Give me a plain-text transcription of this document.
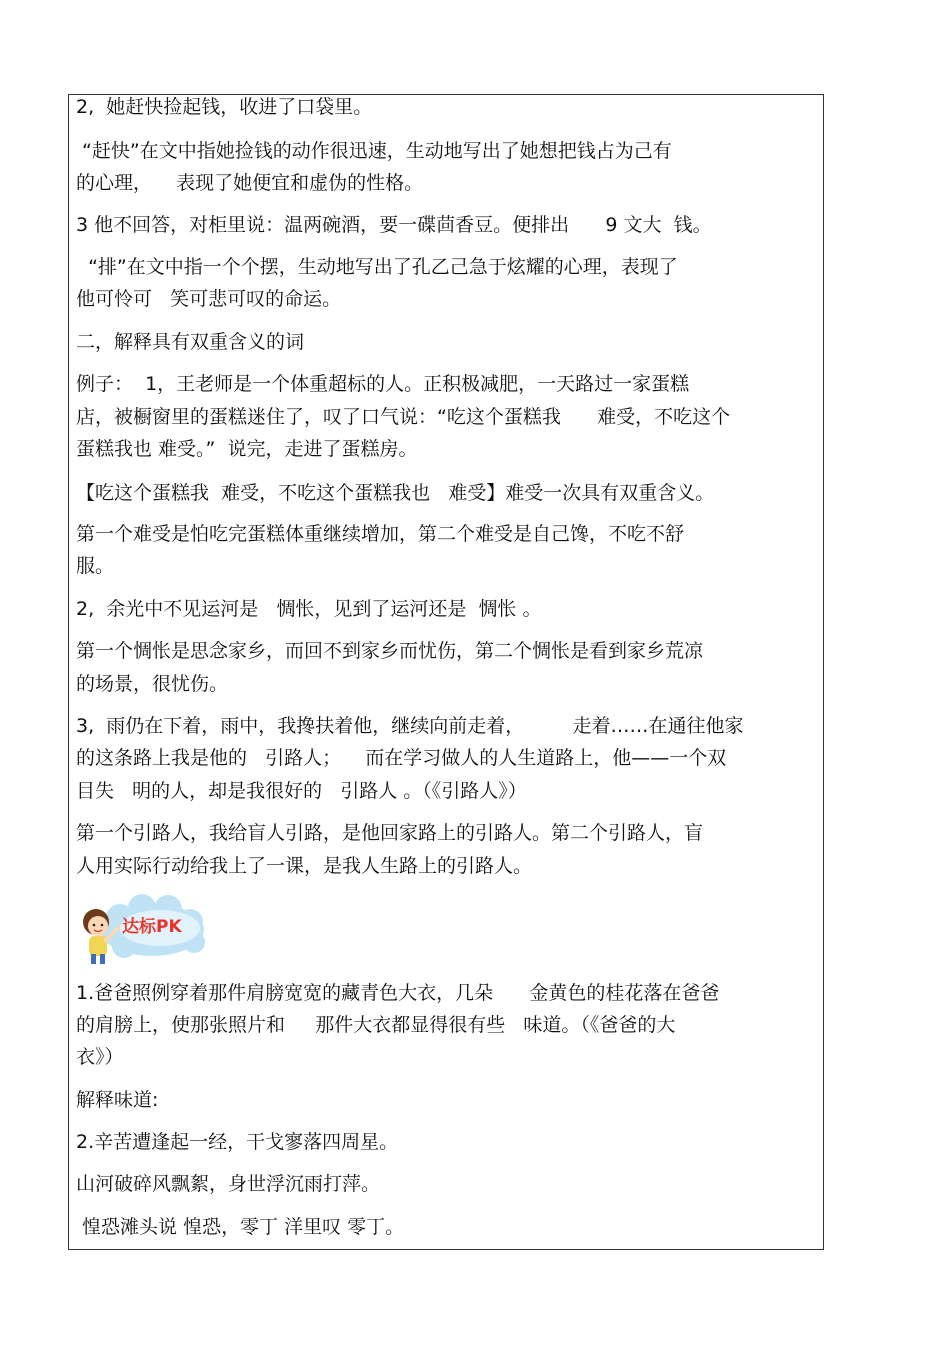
2,  她赶快捡起钱，收进了口袋里。
“赶快”在文中指她捡钱的动作很迅速，生动地写出了她想把钱占为己有
的心理，    表现了她便宜和虚伪的性格。
3 他不回答，对柜里说：温两碗酒，要一碟茴香豆。便排出      9 文大  钱。
“排”在文中指一个个摆，生动地写出了孔乙己急于炫耀的心理，表现了
他可怜可   笑可悲可叹的命运。
二，解释具有双重含义的词
例子：  1，王老师是一个体重超标的人。正积极减肥，一天路过一家蛋糕
店，被橱窗里的蛋糕迷住了，叹了口气说：“吃这个蛋糕我      难受，不吃这个
蛋糕我也 难受。”  说完，走进了蛋糕房。
【吃这个蛋糕我  难受，不吃这个蛋糕我也   难受】难受一次具有双重含义。
第一个难受是怕吃完蛋糕体重继续增加，第二个难受是自己馋，不吃不舒
服。
2,  余光中不见运河是   惆怅，见到了运河还是  惆怅 。
第一个惆怅是思念家乡，而回不到家乡而忧伤，第二个惆怅是看到家乡荒凉
的场景，很忧伤。
3,  雨仍在下着，雨中，我搀扶着他，继续向前走着，        走着……在通往他家
的这条路上我是他的   引路人；    而在学习做人的人生道路上，他——一个双
目失   明的人，却是我很好的   引路人 。（《引路人》）
第一个引路人，我给盲人引路，是他回家路上的引路人。第二个引路人，盲
人用实际行动给我上了一课，是我人生路上的引路人。
1.爸爸照例穿着那件肩膀宽宽的藏青色大衣，几朵      金黄色的桂花落在爸爸
的肩膀上，使那张照片和     那件大衣都显得很有些   味道。（《爸爸的大
衣》）
解释味道:
2.辛苦遭逢起一经，干戈寥落四周星。
山河破碎风飘絮，身世浮沉雨打萍。
惶恐滩头说 惶恐，零丁 洋里叹 零丁。
达标PK
